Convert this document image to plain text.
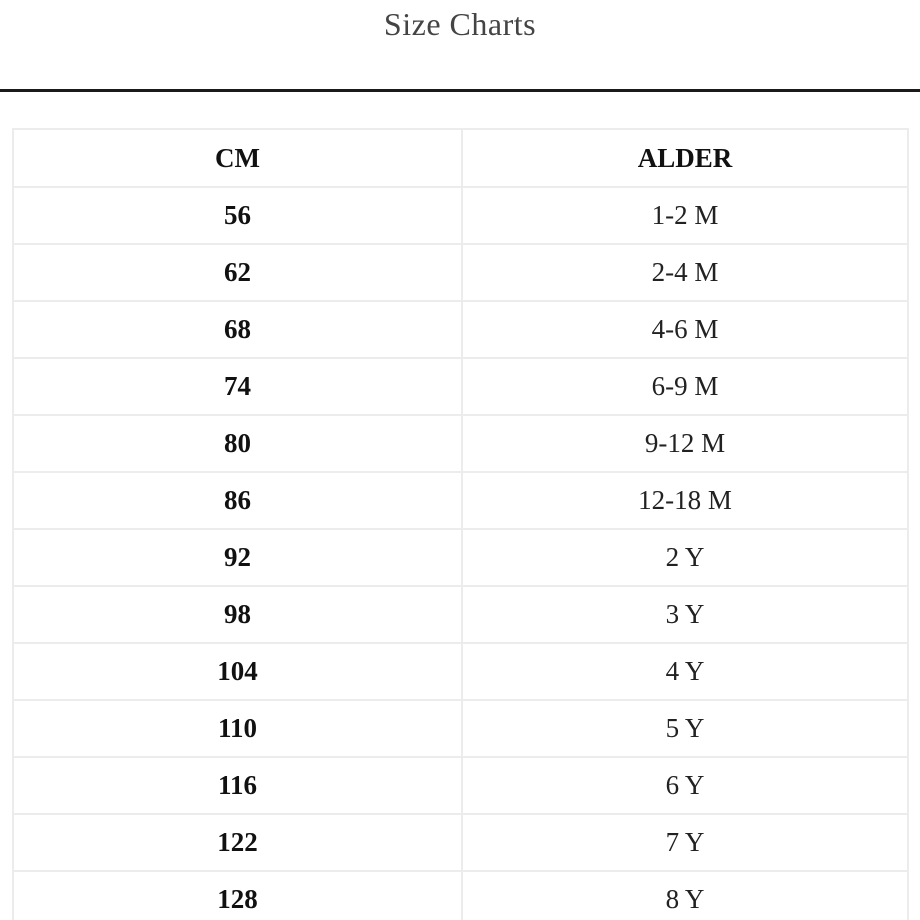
Size Charts
CM	ALDER
56	1-2 M
62	2-4 M
68	4-6 M
74	6-9 M
80	9-12 M
86	12-18 M
92	2 Y
98	3 Y
104	4 Y
110	5 Y
116	6 Y
122	7 Y
128	8 Y
